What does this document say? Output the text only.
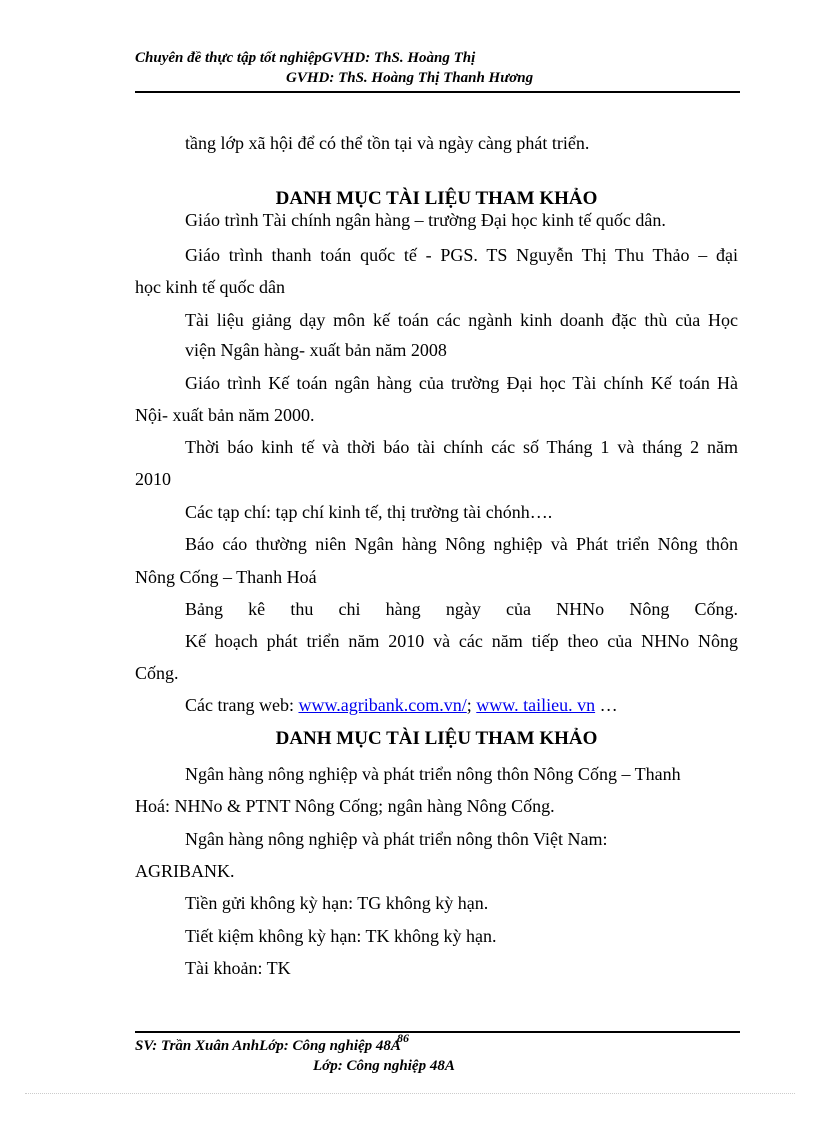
Chuyên đề thực tập tốt nghiệpGVHD: ThS. Hoàng Thị
GVHD: ThS. Hoàng Thị Thanh Hương
tầng lớp xã hội để có thể tồn tại và ngày càng phát triển.
DANH MỤC TÀI LIỆU THAM KHẢO
Giáo trình Tài chính ngân hàng – trường Đại học kinh tế quốc dân.
Giáo trình thanh toán quốc tế - PGS. TS Nguyễn Thị Thu Thảo – đại
học kinh tế quốc dân
Tài liệu giảng dạy môn kế toán các ngành kinh doanh đặc thù của Học
viện Ngân hàng- xuất bản năm 2008
Giáo trình Kế toán ngân hàng của trường Đại học Tài chính Kế toán Hà
Nội- xuất bản năm 2000.
Thời báo kinh tế và thời báo tài chính các số Tháng 1 và tháng 2 năm
2010
Các tạp chí: tạp chí kinh tế, thị trường tài chónh….
Báo cáo thường niên Ngân hàng Nông nghiệp và Phát triển Nông thôn
Nông Cống – Thanh Hoá
Bảng kê thu chi hàng ngày của NHNo Nông Cống.
Kế hoạch phát triển năm 2010 và các năm tiếp theo của NHNo Nông
Cống.
Các trang web: www.agribank.com.vn/; www. tailieu. vn …
DANH MỤC TÀI LIỆU THAM KHẢO
Ngân hàng nông nghiệp và phát triển nông thôn Nông Cống – Thanh
Hoá: NHNo & PTNT Nông Cống; ngân hàng Nông Cống.
Ngân hàng nông nghiệp và phát triển nông thôn Việt Nam:
AGRIBANK.
Tiền gửi không kỳ hạn: TG không kỳ hạn.
Tiết kiệm không kỳ hạn: TK không kỳ hạn.
Tài khoản: TK
SV: Trần Xuân AnhLớp: Công nghiệp 48A
86
Lớp: Công nghiệp 48A
